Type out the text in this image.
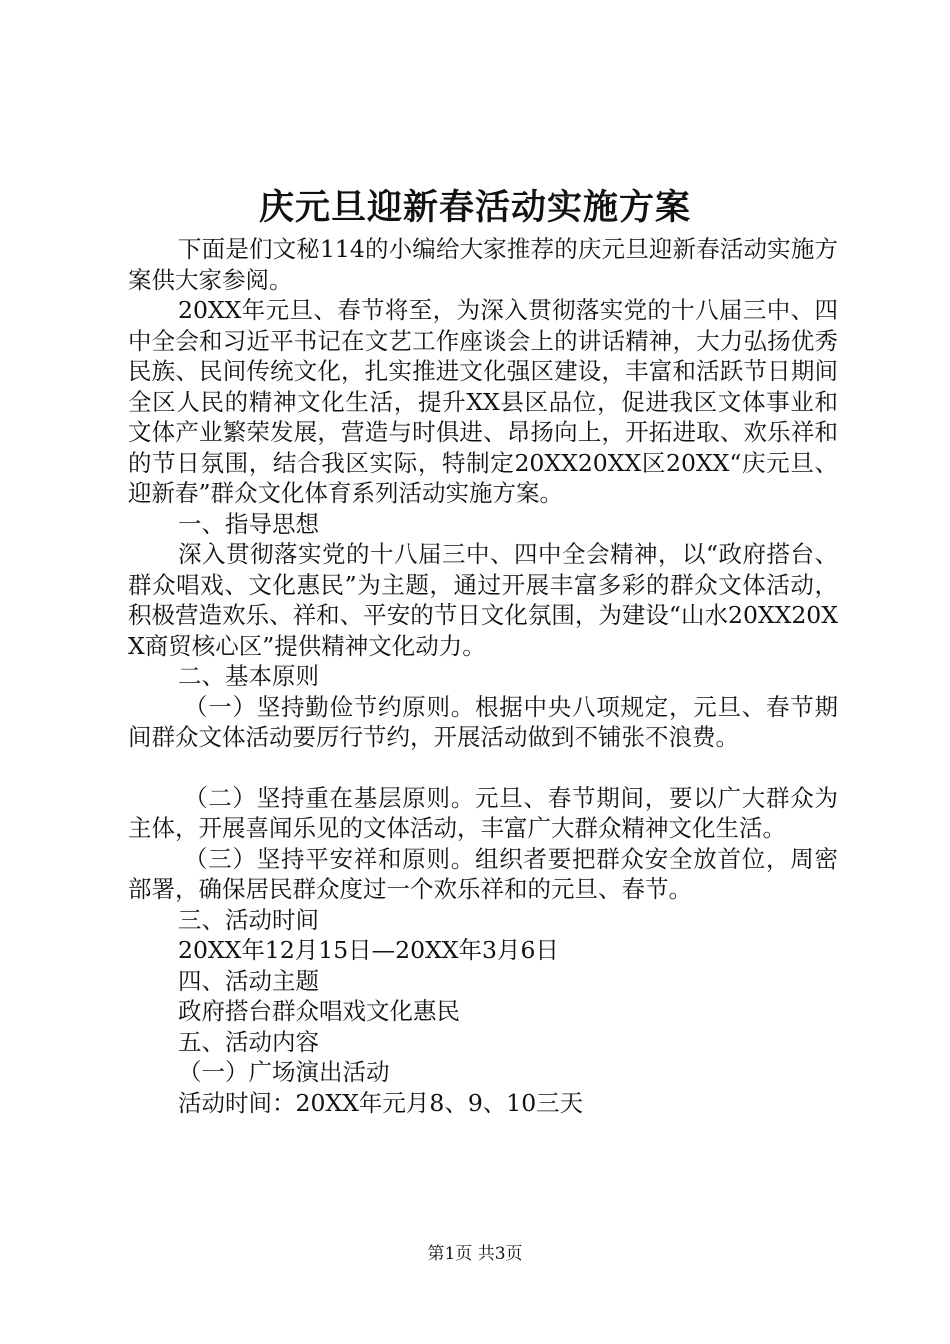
庆元旦迎新春活动实施方案

下面是们文秘114的小编给大家推荐的庆元旦迎新春活动实施方案供大家参阅。

20XX年元旦、春节将至，为深入贯彻落实党的十八届三中、四中全会和习近平书记在文艺工作座谈会上的讲话精神，大力弘扬优秀民族、民间传统文化，扎实推进文化强区建设，丰富和活跃节日期间全区人民的精神文化生活，提升XX县区品位，促进我区文体事业和文体产业繁荣发展，营造与时俱进、昂扬向上，开拓进取、欢乐祥和的节日氛围，结合我区实际，特制定20XX20XX区20XX“庆元旦、迎新春”群众文化体育系列活动实施方案。

一、指导思想

深入贯彻落实党的十八届三中、四中全会精神，以“政府搭台、群众唱戏、文化惠民”为主题，通过开展丰富多彩的群众文体活动，积极营造欢乐、祥和、平安的节日文化氛围，为建设“山水20XX20XX商贸核心区”提供精神文化动力。

二、基本原则

（一）坚持勤俭节约原则。根据中央八项规定，元旦、春节期间群众文体活动要厉行节约，开展活动做到不铺张不浪费。

（二）坚持重在基层原则。元旦、春节期间，要以广大群众为主体，开展喜闻乐见的文体活动，丰富广大群众精神文化生活。

（三）坚持平安祥和原则。组织者要把群众安全放首位，周密部署，确保居民群众度过一个欢乐祥和的元旦、春节。

三、活动时间

20XX年12月15日—20XX年3月6日

四、活动主题

政府搭台群众唱戏文化惠民

五、活动内容

（一）广场演出活动

活动时间：20XX年元月8、9、10三天

第1页 共3页
